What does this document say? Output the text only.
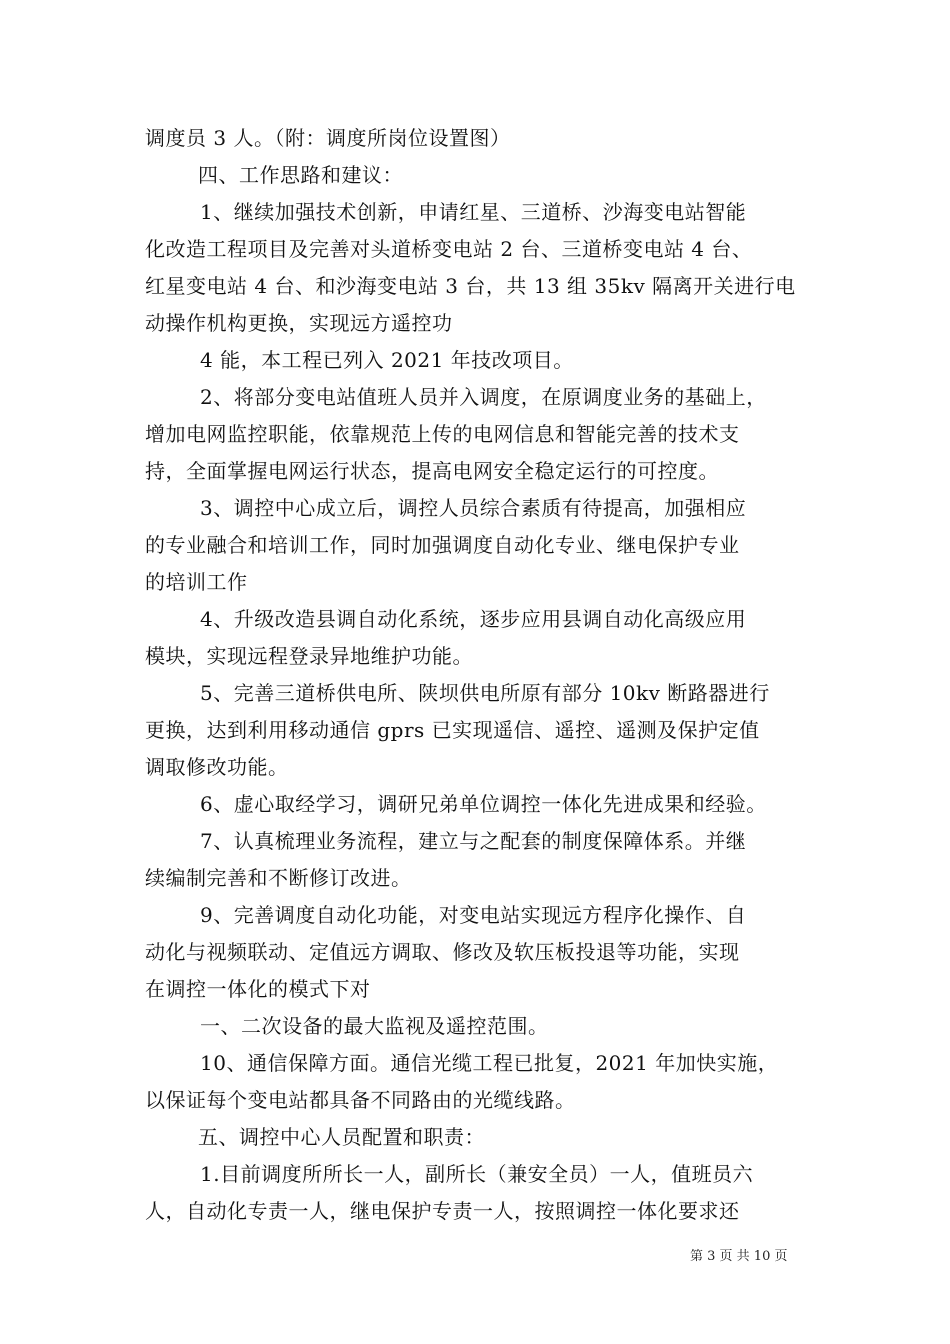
调度员 3 人。（附：调度所岗位设置图）
四、工作思路和建议：
1、继续加强技术创新，申请红星、三道桥、沙海变电站智能
化改造工程项目及完善对头道桥变电站 2 台、三道桥变电站 4 台、
红星变电站 4 台、和沙海变电站 3 台，共 13 组 35kv 隔离开关进行电
动操作机构更换，实现远方遥控功
4 能，本工程已列入 2021 年技改项目。
2、将部分变电站值班人员并入调度，在原调度业务的基础上，
增加电网监控职能，依靠规范上传的电网信息和智能完善的技术支
持，全面掌握电网运行状态，提高电网安全稳定运行的可控度。
3、调控中心成立后，调控人员综合素质有待提高，加强相应
的专业融合和培训工作，同时加强调度自动化专业、继电保护专业
的培训工作
4、升级改造县调自动化系统，逐步应用县调自动化高级应用
模块，实现远程登录异地维护功能。
5、完善三道桥供电所、陕坝供电所原有部分 10kv 断路器进行
更换，达到利用移动通信 gprs 已实现遥信、遥控、遥测及保护定值
调取修改功能。
6、虚心取经学习，调研兄弟单位调控一体化先进成果和经验。
7、认真梳理业务流程，建立与之配套的制度保障体系。并继
续编制完善和不断修订改进。
9、完善调度自动化功能，对变电站实现远方程序化操作、自
动化与视频联动、定值远方调取、修改及软压板投退等功能，实现
在调控一体化的模式下对
一、二次设备的最大监视及遥控范围。
10、通信保障方面。通信光缆工程已批复，2021 年加快实施，
以保证每个变电站都具备不同路由的光缆线路。
五、调控中心人员配置和职责：
1.目前调度所所长一人，副所长（兼安全员）一人，值班员六
人，自动化专责一人，继电保护专责一人，按照调控一体化要求还
第 3 页 共 10 页
